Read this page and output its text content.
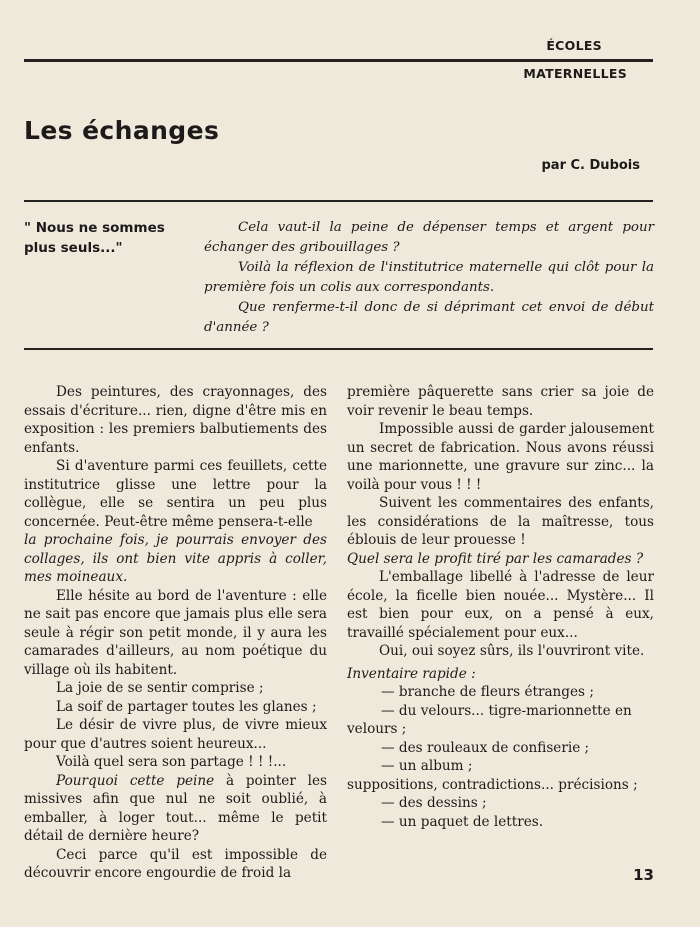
ÉCOLES
MATERNELLES
Les échanges
par C. Dubois
" Nous ne sommes plus seuls..."

Cela vaut-il la peine de dépenser temps et argent pour échanger des gribouillages ?

Voilà la réflexion de l'institutrice maternelle qui clôt pour la première fois un colis aux correspondants.

Que renferme-t-il donc de si déprimant cet envoi de début d'année ?

Des peintures, des crayonnages, des essais d'écriture... rien, digne d'être mis en exposition : les premiers balbutiements des enfants.

Si d'aventure parmi ces feuillets, cette institutrice glisse une lettre pour la collègue, elle se sentira un peu plus concernée. Peut-être même pensera-t-elle

la prochaine fois, je pourrais envoyer des collages, ils ont bien vite appris à coller, mes moineaux.

Elle hésite au bord de l'aventure : elle ne sait pas encore que jamais plus elle sera seule à régir son petit monde, il y aura les camarades d'ailleurs, au nom poétique du village où ils habitent.

La joie de se sentir comprise ;

La soif de partager toutes les glanes ;

Le désir de vivre plus, de vivre mieux pour que d'autres soient heureux...

Voilà quel sera son partage ! ! !...

Pourquoi cette peine à pointer les missives afin que nul ne soit oublié, à emballer, à loger tout... même le petit détail de dernière heure?

Ceci parce qu'il est impossible de découvrir encore engourdie de froid la

première pâquerette sans crier sa joie de voir revenir le beau temps.

Impossible aussi de garder jalousement un secret de fabrication. Nous avons réussi une marionnette, une gravure sur zinc... la voilà pour vous ! ! !

Suivent les commentaires des enfants, les considérations de la maîtresse, tous éblouis de leur prouesse !

Quel sera le profit tiré par les camarades ?

L'emballage libellé à l'adresse de leur école, la ficelle bien nouée... Mystère... Il est bien pour eux, on a pensé à eux, travaillé spécialement pour eux...

Oui, oui soyez sûrs, ils l'ouvriront vite.

Inventaire rapide :

— branche de fleurs étranges ;

— du velours... tigre-marionnette en

velours ;

— des rouleaux de confiserie ;

— un album ;

suppositions, contradictions... précisions ;

— des dessins ;

— un paquet de lettres.

13
